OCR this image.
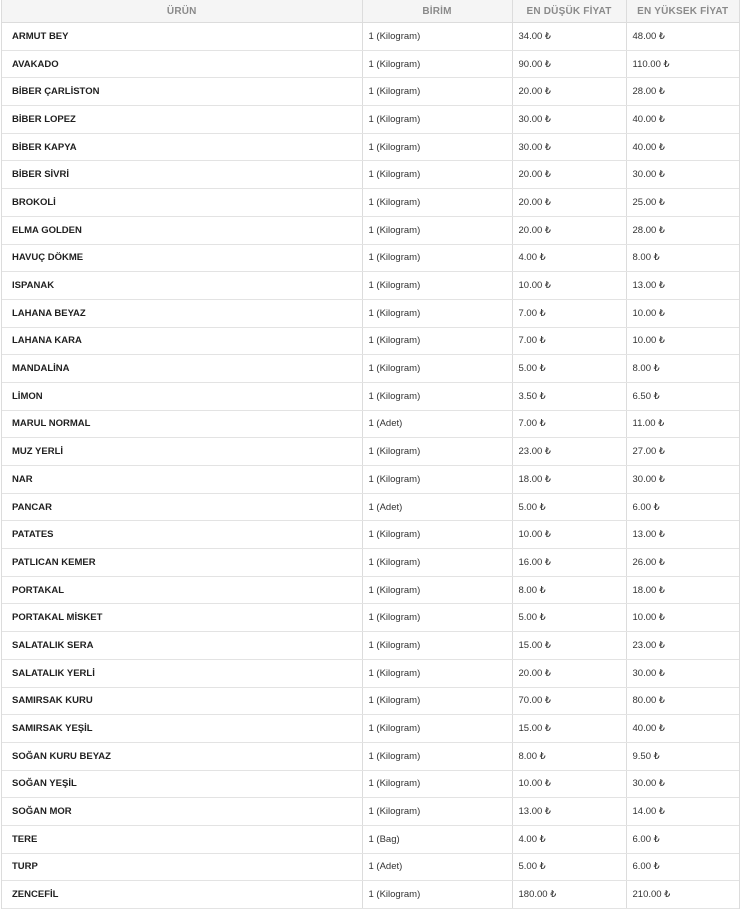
ÜRÜN	BİRİM	EN DÜŞÜK FİYAT	EN YÜKSEK FİYAT
ARMUT BEY	1 (Kilogram)	34.00 ₺	48.00 ₺
AVAKADO	1 (Kilogram)	90.00 ₺	110.00 ₺
BİBER ÇARLİSTON	1 (Kilogram)	20.00 ₺	28.00 ₺
BİBER LOPEZ	1 (Kilogram)	30.00 ₺	40.00 ₺
BİBER KAPYA	1 (Kilogram)	30.00 ₺	40.00 ₺
BİBER SİVRİ	1 (Kilogram)	20.00 ₺	30.00 ₺
BROKOLİ	1 (Kilogram)	20.00 ₺	25.00 ₺
ELMA GOLDEN	1 (Kilogram)	20.00 ₺	28.00 ₺
HAVUÇ DÖKME	1 (Kilogram)	4.00 ₺	8.00 ₺
ISPANAK	1 (Kilogram)	10.00 ₺	13.00 ₺
LAHANA BEYAZ	1 (Kilogram)	7.00 ₺	10.00 ₺
LAHANA KARA	1 (Kilogram)	7.00 ₺	10.00 ₺
MANDALİNA	1 (Kilogram)	5.00 ₺	8.00 ₺
LİMON	1 (Kilogram)	3.50 ₺	6.50 ₺
MARUL NORMAL	1 (Adet)	7.00 ₺	11.00 ₺
MUZ YERLİ	1 (Kilogram)	23.00 ₺	27.00 ₺
NAR	1 (Kilogram)	18.00 ₺	30.00 ₺
PANCAR	1 (Adet)	5.00 ₺	6.00 ₺
PATATES	1 (Kilogram)	10.00 ₺	13.00 ₺
PATLICAN KEMER	1 (Kilogram)	16.00 ₺	26.00 ₺
PORTAKAL	1 (Kilogram)	8.00 ₺	18.00 ₺
PORTAKAL MİSKET	1 (Kilogram)	5.00 ₺	10.00 ₺
SALATALIK SERA	1 (Kilogram)	15.00 ₺	23.00 ₺
SALATALIK YERLİ	1 (Kilogram)	20.00 ₺	30.00 ₺
SAMIRSAK KURU	1 (Kilogram)	70.00 ₺	80.00 ₺
SAMIRSAK YEŞİL	1 (Kilogram)	15.00 ₺	40.00 ₺
SOĞAN KURU BEYAZ	1 (Kilogram)	8.00 ₺	9.50 ₺
SOĞAN YEŞİL	1 (Kilogram)	10.00 ₺	30.00 ₺
SOĞAN MOR	1 (Kilogram)	13.00 ₺	14.00 ₺
TERE	1 (Bag)	4.00 ₺	6.00 ₺
TURP	1 (Adet)	5.00 ₺	6.00 ₺
ZENCEFİL	1 (Kilogram)	180.00 ₺	210.00 ₺
